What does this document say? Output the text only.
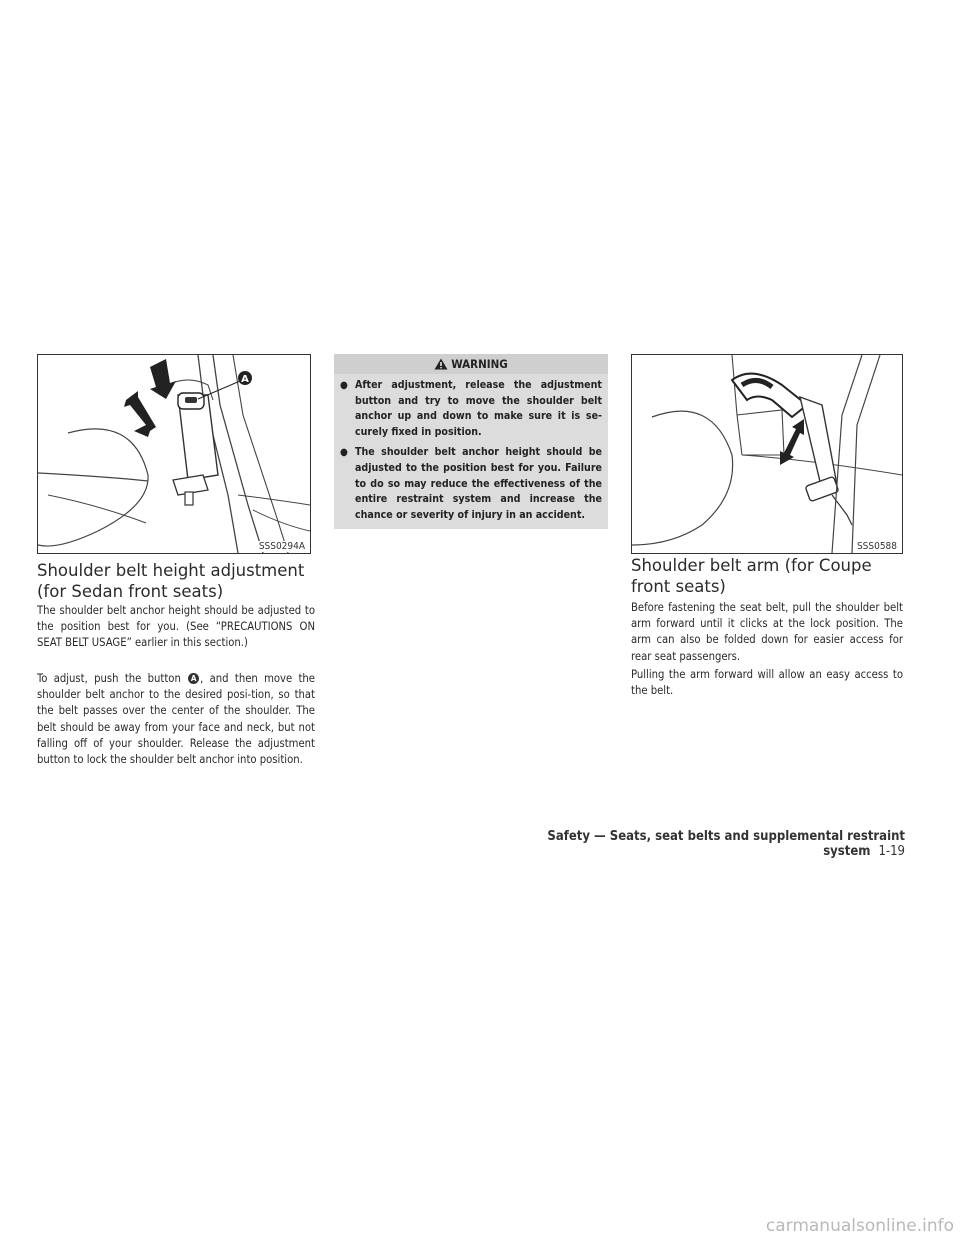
A
SSS0294A
Shoulder belt height adjustment (for Sedan front seats)

The shoulder belt anchor height should be adjusted to the position best for you. (See “PRECAUTIONS ON SEAT BELT USAGE” earlier in this section.)

To adjust, push the button A , and then move the shoulder belt anchor to the desired posi-tion, so that the belt passes over the center of the shoulder. The belt should be away from your face and neck, but not falling off of your shoulder. Release the adjustment button to lock the shoulder belt anchor into position.

WARNING
● After adjustment, release the adjustment button and try to move the shoulder belt anchor up and down to make sure it is se-curely fixed in position.
● The shoulder belt anchor height should be adjusted to the position best for you. Failure to do so may reduce the effectiveness of the entire restraint system and increase the chance or severity of injury in an accident.
SSS0588
Shoulder belt arm (for Coupe front seats)

Before fastening the seat belt, pull the shoulder belt arm forward until it clicks at the lock position. The arm can also be folded down for easier access for rear seat passengers.

Pulling the arm forward will allow an easy access to the belt.

Safety — Seats, seat belts and supplemental restraint system 1-19
carmanualsonline.info
